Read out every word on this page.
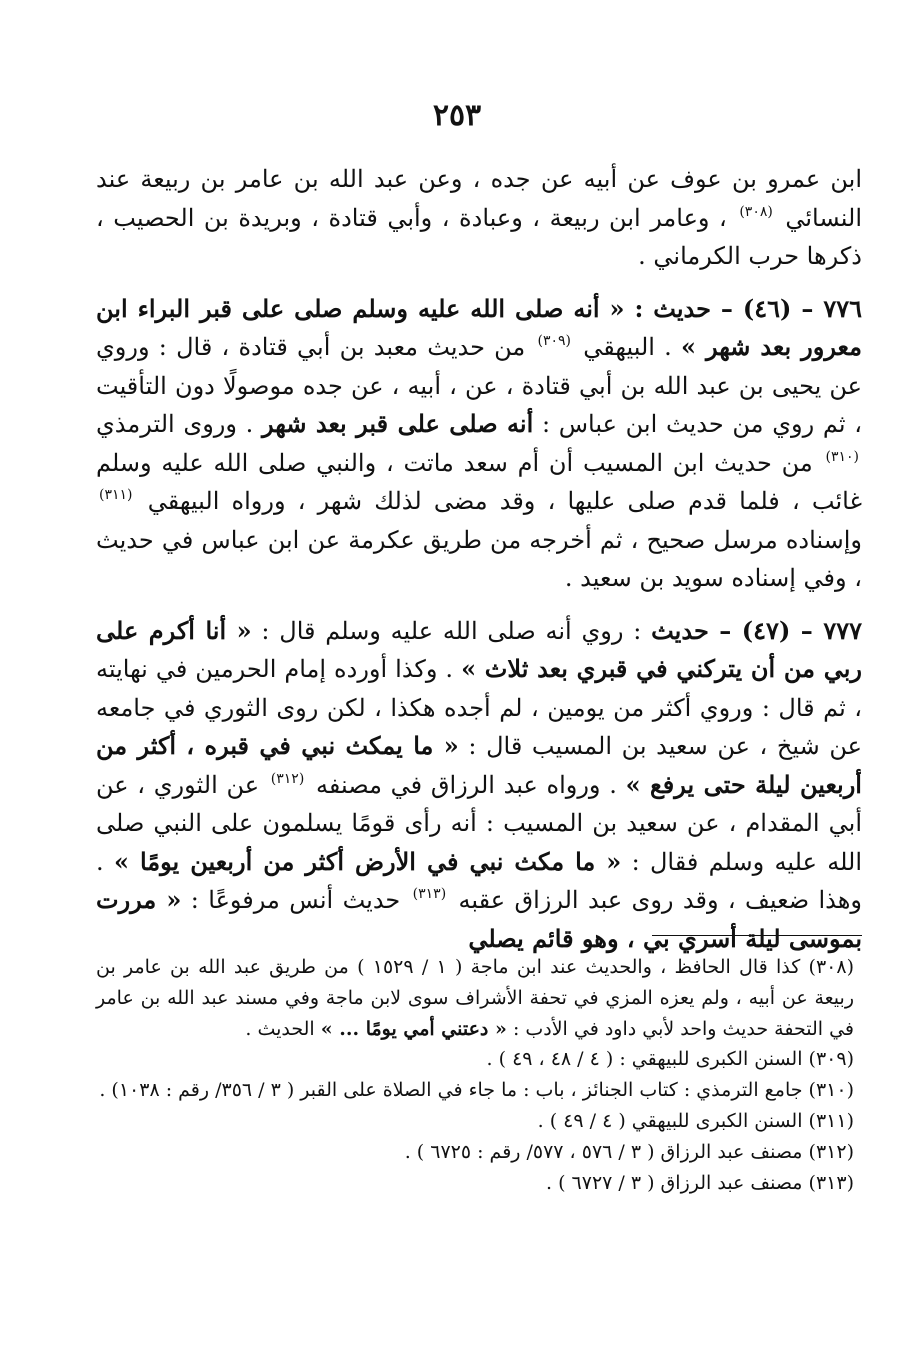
٢٥٣

ابن عمرو بن عوف عن أبيه عن جده ، وعن عبد الله بن عامر بن ربيعة عند النسائي $^{(٣٠٨)}$ ، وعامر ابن ربيعة ، وعبادة ، وأبي قتادة ، وبريدة بن الحصيب ، ذكرها حرب الكرماني .

٧٧٦ – (٤٦) – حديث : « أنه صلى الله عليه وسلم صلى على قبر البراء ابن معرور بعد شهر » . البيهقي $^{(٣٠٩)}$ من حديث معبد بن أبي قتادة ، قال : وروي عن يحيى بن عبد الله بن أبي قتادة ، عن ، أبيه ، عن جده موصولًا دون التأقيت ، ثم روي من حديث ابن عباس : أنه صلى على قبر بعد شهر . وروى الترمذي $^{(٣١٠)}$ من حديث ابن المسيب أن أم سعد ماتت ، والنبي صلى الله عليه وسلم غائب ، فلما قدم صلى عليها ، وقد مضى لذلك شهر ، ورواه البيهقي $^{(٣١١)}$ وإسناده مرسل صحيح ، ثم أخرجه من طريق عكرمة عن ابن عباس في حديث ، وفي إسناده سويد بن سعيد .

٧٧٧ – (٤٧) – حديث : روي أنه صلى الله عليه وسلم قال : « أنا أكرم على ربي من أن يتركني في قبري بعد ثلاث » . وكذا أورده إمام الحرمين في نهايته ، ثم قال : وروي أكثر من يومين ، لم أجده هكذا ، لكن روى الثوري في جامعه عن شيخ ، عن سعيد بن المسيب قال : « ما يمكث نبي في قبره ، أكثر من أربعين ليلة حتى يرفع » . ورواه عبد الرزاق في مصنفه $^{(٣١٢)}$ عن الثوري ، عن أبي المقدام ، عن سعيد بن المسيب : أنه رأى قومًا يسلمون على النبي صلى الله عليه وسلم فقال : « ما مكث نبي في الأرض أكثر من أربعين يومًا » . وهذا ضعيف ، وقد روى عبد الرزاق عقبه $^{(٣١٣)}$ حديث أنس مرفوعًا : « مررت بموسى ليلة أسري بي ، وهو قائم يصلي

(٣٠٨) كذا قال الحافظ ، والحديث عند ابن ماجة ( ١ / ١٥٢٩ ) من طريق عبد الله بن عامر بن ربيعة عن أبيه ، ولم يعزه المزي في تحفة الأشراف سوى لابن ماجة وفي مسند عبد الله بن عامر في التحفة حديث واحد لأبي داود في الأدب : « دعتني أمي يومًا ... » الحديث .

(٣٠٩) السنن الكبرى للبيهقي : ( ٤ / ٤٨ ، ٤٩ ) .

(٣١٠) جامع الترمذي : كتاب الجنائز ، باب : ما جاء في الصلاة على القبر ( ٣ / ٣٥٦/ رقم : ١٠٣٨) .

(٣١١) السنن الكبرى للبيهقي ( ٤ / ٤٩ ) .

(٣١٢) مصنف عبد الرزاق ( ٣ / ٥٧٦ ، ٥٧٧/ رقم : ٦٧٢٥ ) .

(٣١٣) مصنف عبد الرزاق ( ٣ / ٦٧٢٧ ) .
